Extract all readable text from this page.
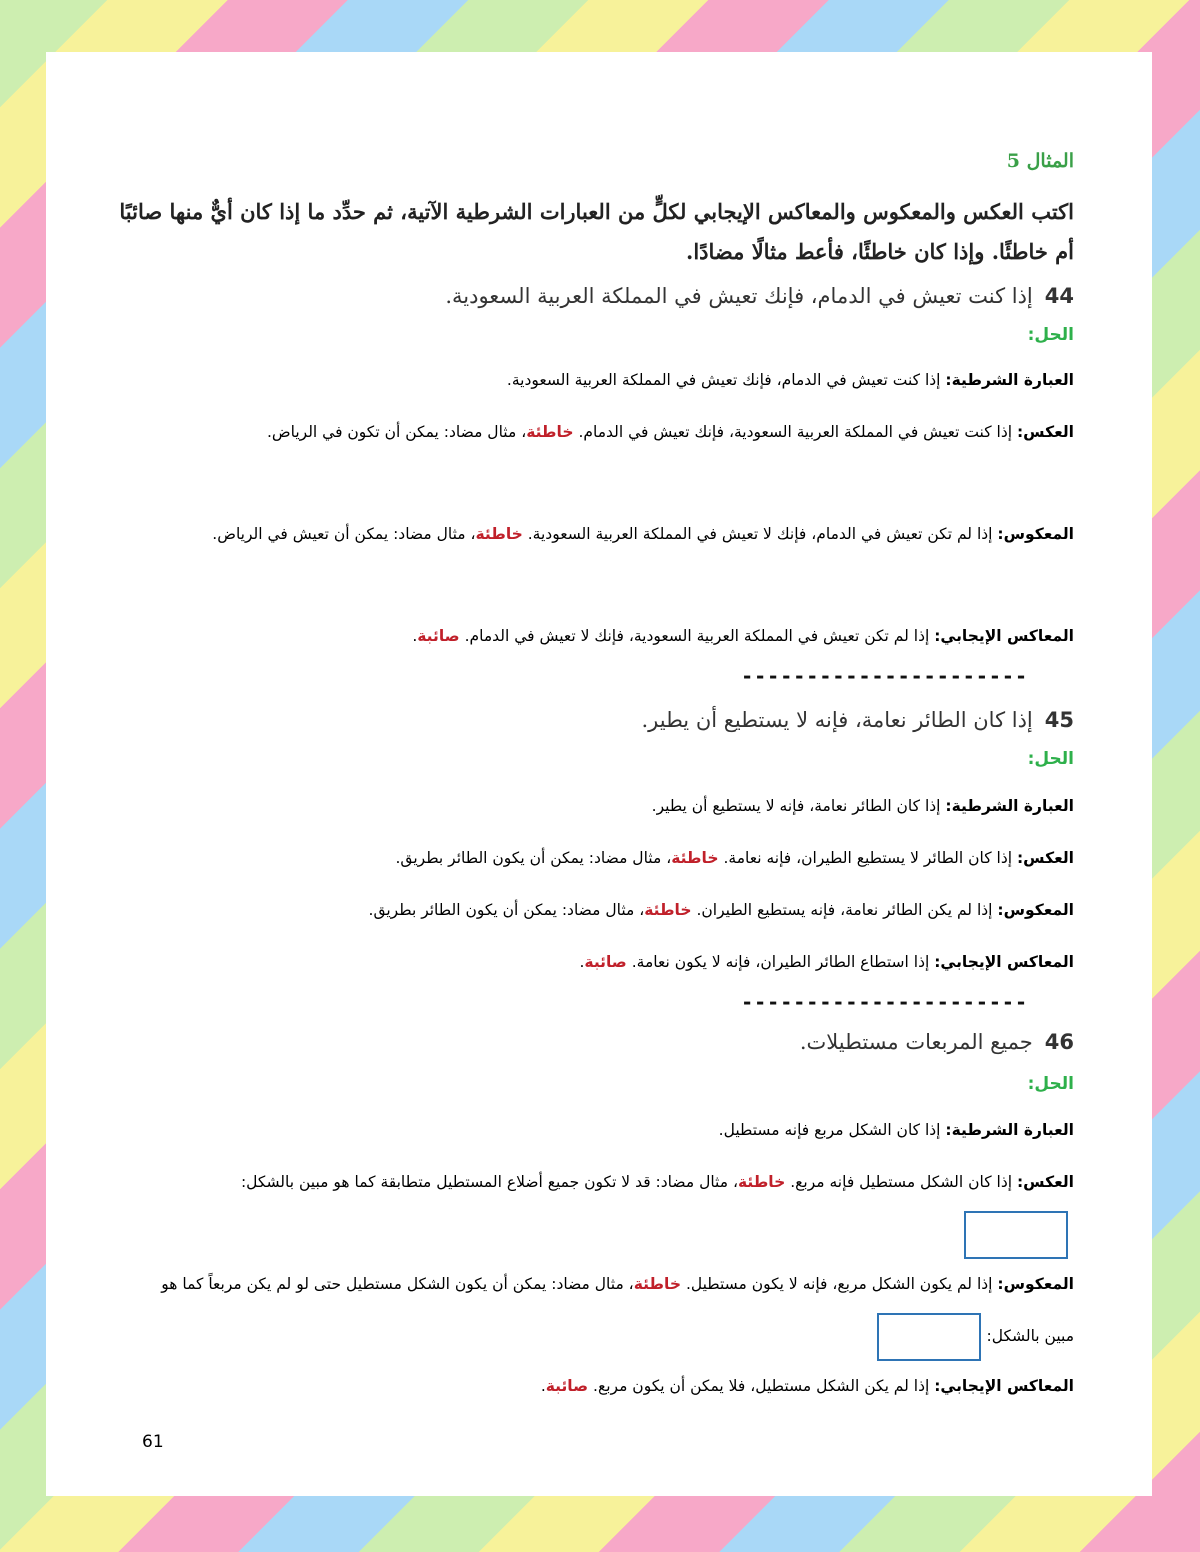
المثال 5
اكتب العكس والمعكوس والمعاكس الإيجابي لكلٍّ من العبارات الشرطية الآتية، ثم حدِّد ما إذا كان أيٌّ منها صائبًا أم خاطئًا. وإذا كان خاطئًا، فأعط مثالًا مضادًا.
44إذا كنت تعيش في الدمام، فإنك تعيش في المملكة العربية السعودية.
الحل:
العبارة الشرطية: إذا كنت تعيش في الدمام، فإنك تعيش في المملكة العربية السعودية.
العكس: إذا كنت تعيش في المملكة العربية السعودية، فإنك تعيش في الدمام. خاطئة، مثال مضاد: يمكن أن تكون في الرياض.
المعكوس: إذا لم تكن تعيش في الدمام، فإنك لا تعيش في المملكة العربية السعودية. خاطئة، مثال مضاد: يمكن أن تعيش في الرياض.
المعاكس الإيجابي: إذا لم تكن تعيش في المملكة العربية السعودية، فإنك لا تعيش في الدمام. صائبة.
----------------------
45إذا كان الطائر نعامة، فإنه لا يستطيع أن يطير.
الحل:
العبارة الشرطية: إذا كان الطائر نعامة، فإنه لا يستطيع أن يطير.
العكس: إذا كان الطائر لا يستطيع الطيران، فإنه نعامة. خاطئة، مثال مضاد: يمكن أن يكون الطائر بطريق.
المعكوس: إذا لم يكن الطائر نعامة، فإنه يستطيع الطيران. خاطئة، مثال مضاد: يمكن أن يكون الطائر بطريق.
المعاكس الإيجابي: إذا استطاع الطائر الطيران، فإنه لا يكون نعامة. صائبة.
----------------------
46جميع المربعات مستطيلات.
الحل:
العبارة الشرطية: إذا كان الشكل مربع فإنه مستطيل.
العكس: إذا كان الشكل مستطيل فإنه مربع. خاطئة، مثال مضاد: قد لا تكون جميع أضلاع المستطيل متطابقة كما هو مبين بالشكل:
المعكوس: إذا لم يكون الشكل مربع، فإنه لا يكون مستطيل. خاطئة، مثال مضاد: يمكن أن يكون الشكل مستطيل حتى لو لم يكن مربعاً كما هو مبين بالشكل:
المعاكس الإيجابي: إذا لم يكن الشكل مستطيل، فلا يمكن أن يكون مربع. صائبة.
61
